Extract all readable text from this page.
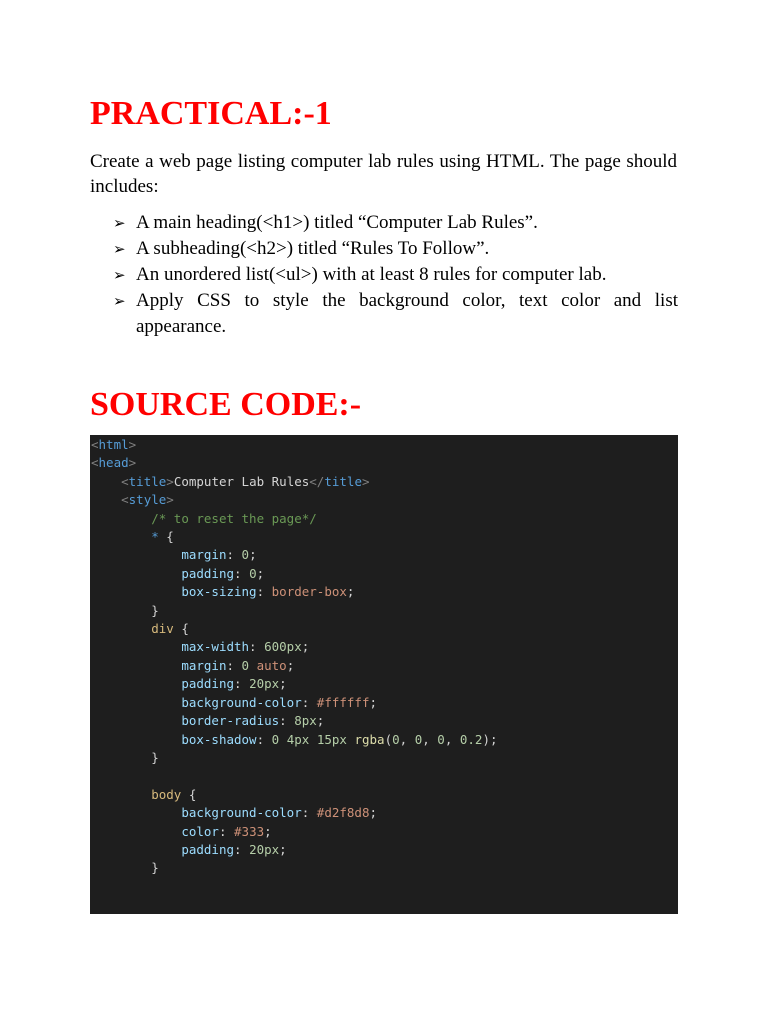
PRACTICAL:-1

Create a web page listing computer lab rules using HTML. The page should includes:

➢ A main heading(<h1>) titled “Computer Lab Rules”.
➢ A subheading(<h2>) titled “Rules To Follow”.
➢ An unordered list(<ul>) with at least 8 rules for computer lab.
➢ Apply CSS to style the background color, text color and list appearance.
SOURCE CODE:-
<html>
<head>
<title>Computer Lab Rules</title>
<style>
/* to reset the page*/
* {
margin: 0;
padding: 0;
box-sizing: border-box;
}
div {
max-width: 600px;
margin: 0 auto;
padding: 20px;
background-color: #ffffff;
border-radius: 8px;
box-shadow: 0 4px 15px rgba(0, 0, 0, 0.2);
}

body {
background-color: #d2f8d8;
color: #333;
padding: 20px;
}
